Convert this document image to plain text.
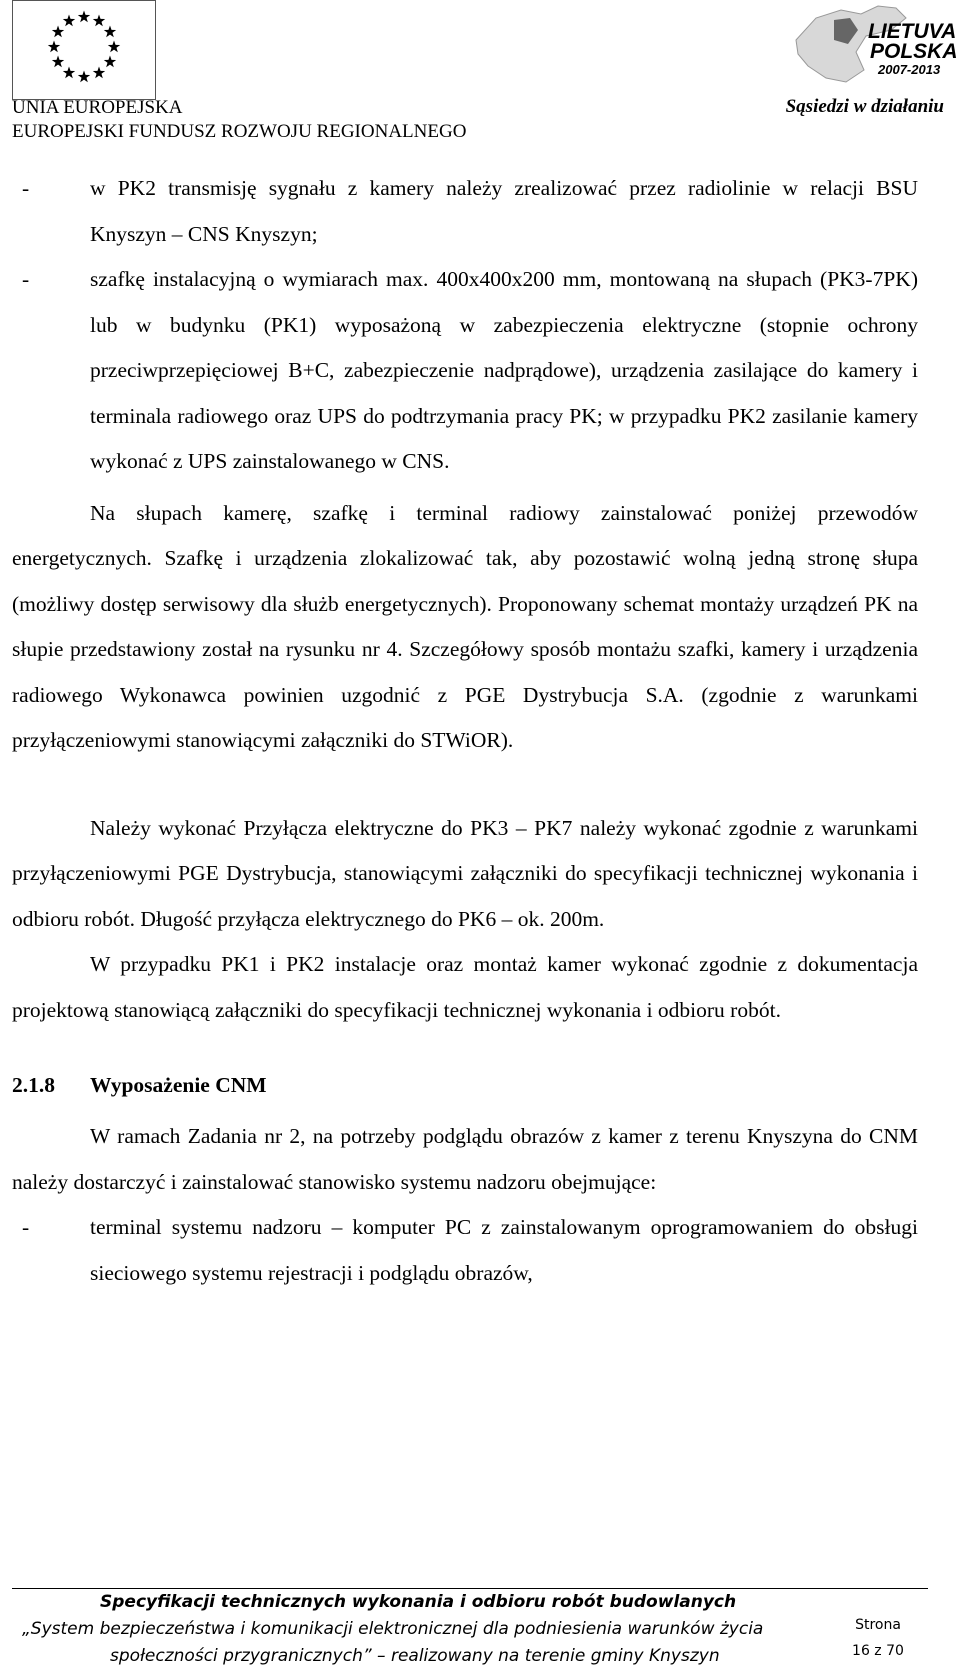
UNIA EUROPEJSKA
EUROPEJSKI FUNDUSZ ROZWOJU REGIONALNEGO
LIETUVA
POLSKA
2007-2013
Sąsiedzi w działaniu

-	w PK2 transmisję sygnału z kamery należy zrealizować przez radiolinie w relacji BSU Knyszyn – CNS Knyszyn;

-	szafkę instalacyjną o wymiarach max. 400x400x200 mm, montowaną na słupach (PK3-7PK) lub w budynku (PK1) wyposażoną w zabezpieczenia elektryczne (stopnie ochrony przeciwprzepięciowej B+C, zabezpieczenie nadprądowe), urządzenia zasilające do kamery i terminala radiowego oraz UPS do podtrzymania pracy PK; w przypadku PK2 zasilanie kamery wykonać z UPS zainstalowanego w CNS.

Na słupach kamerę, szafkę i terminal radiowy zainstalować poniżej przewodów energetycznych. Szafkę i urządzenia zlokalizować tak, aby pozostawić wolną jedną stronę słupa (możliwy dostęp serwisowy dla służb energetycznych). Proponowany schemat montaży urządzeń PK na słupie przedstawiony został na rysunku nr 4. Szczegółowy sposób montażu szafki, kamery i urządzenia radiowego Wykonawca powinien uzgodnić z PGE Dystrybucja S.A. (zgodnie z warunkami przyłączeniowymi stanowiącymi załączniki do STWiOR).

Należy wykonać Przyłącza elektryczne do PK3 – PK7 należy wykonać zgodnie z warunkami przyłączeniowymi PGE Dystrybucja, stanowiącymi załączniki do specyfikacji technicznej wykonania i odbioru robót. Długość przyłącza elektrycznego do PK6 – ok. 200m.

W przypadku PK1 i PK2 instalacje oraz montaż kamer wykonać zgodnie z dokumentacja projektową stanowiącą załączniki do specyfikacji technicznej wykonania i odbioru robót.

2.1.8 Wyposażenie CNM

W ramach Zadania nr 2, na potrzeby podglądu obrazów z kamer z terenu Knyszyna do CNM należy dostarczyć i zainstalować stanowisko systemu nadzoru obejmujące:

-	terminal systemu nadzoru – komputer PC z zainstalowanym oprogramowaniem do obsługi sieciowego systemu rejestracji i podglądu obrazów,

Specyfikacji technicznych wykonania i odbioru robót budowlanych
„System bezpieczeństwa i komunikacji elektronicznej dla podniesienia warunków życia
społeczności przygranicznych” – realizowany na terenie gminy Knyszyn
Strona
16 z 70
